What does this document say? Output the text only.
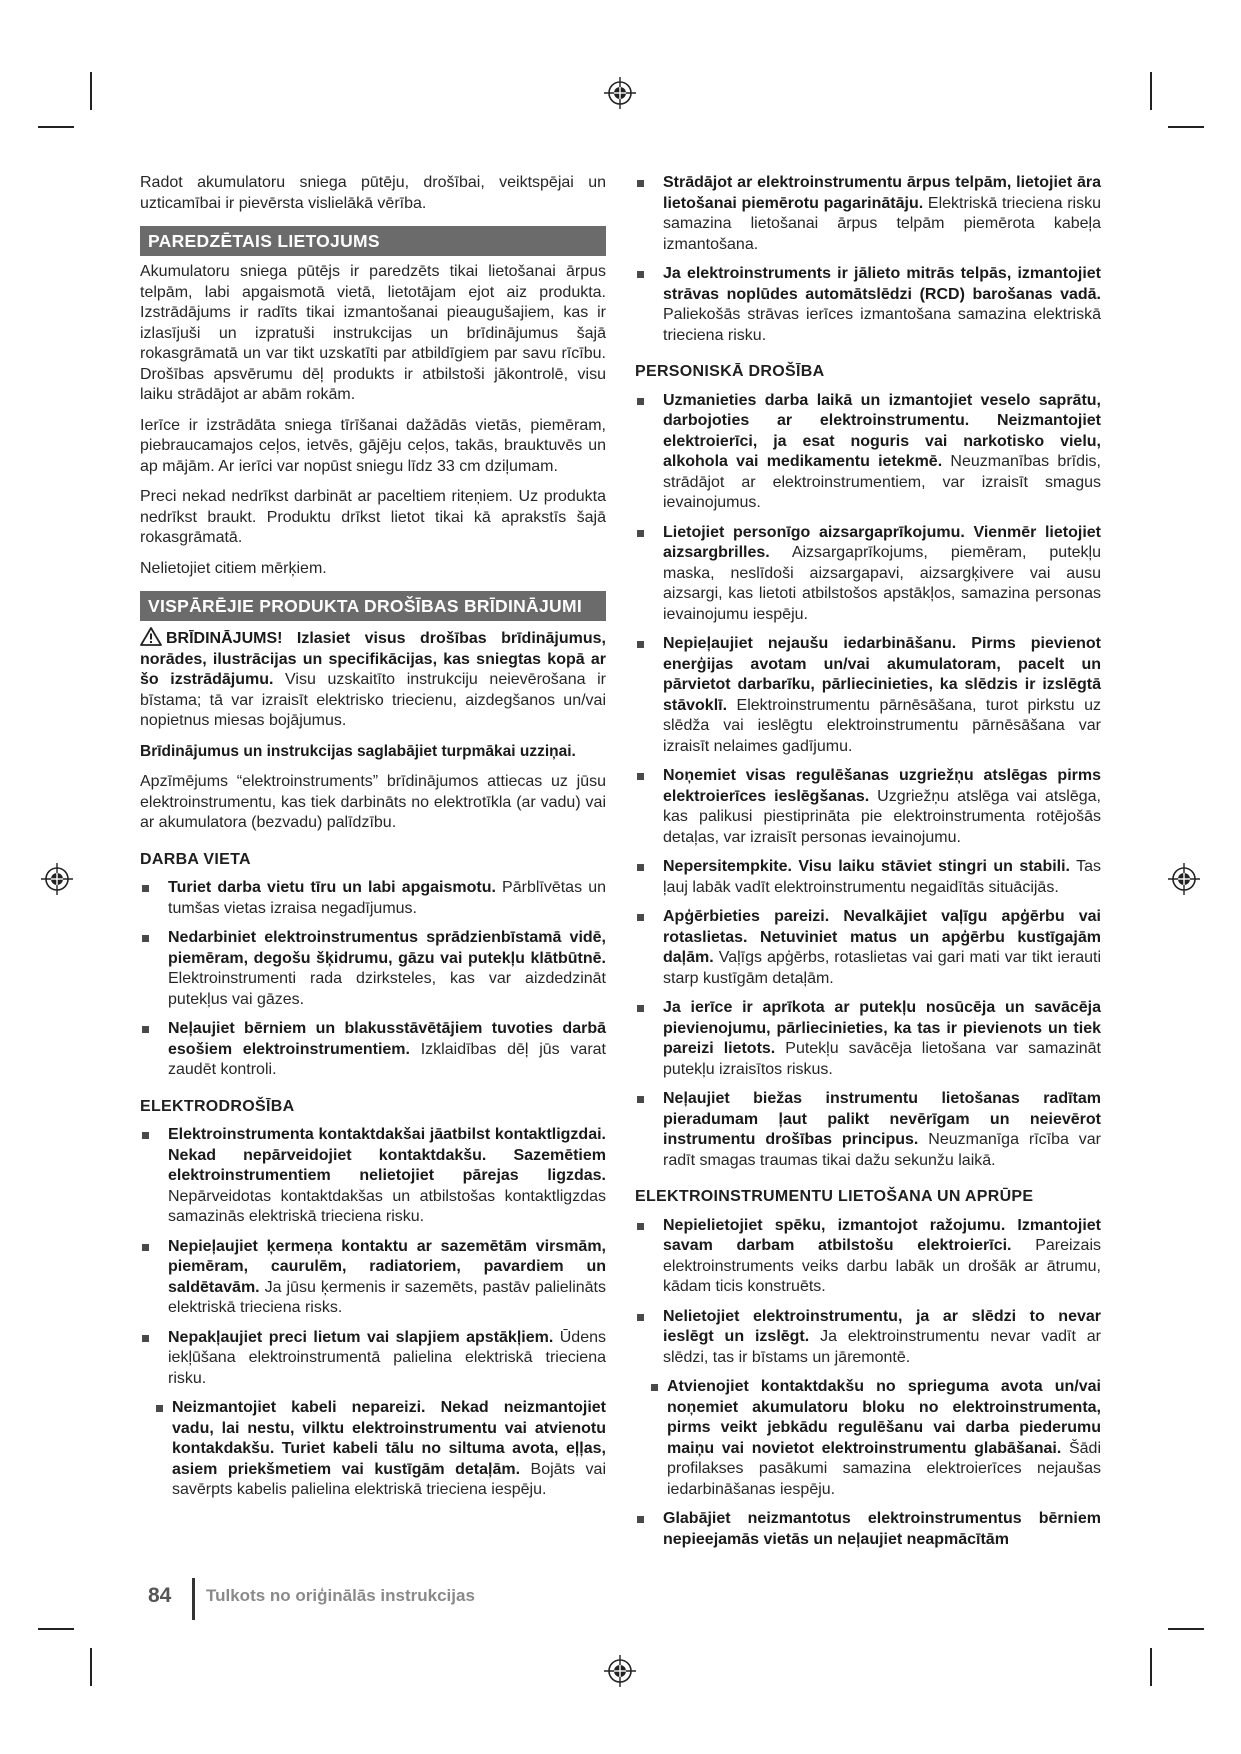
Radot akumulatoru sniega pūtēju, drošībai, veiktspējai un uzticamībai ir pievērsta vislielākā vērība.

PAREDZĒTAIS LIETOJUMS

Akumulatoru sniega pūtējs ir paredzēts tikai lietošanai ārpus telpām, labi apgaismotā vietā, lietotājam ejot aiz produkta. Izstrādājums ir radīts tikai izmantošanai pieaugušajiem, kas ir izlasījuši un izpratuši instrukcijas un brīdinājumus šajā rokasgrāmatā un var tikt uzskatīti par atbildīgiem par savu rīcību. Drošības apsvērumu dēļ produkts ir atbilstoši jākontrolē, visu laiku strādājot ar abām rokām.

Ierīce ir izstrādāta sniega tīrīšanai dažādās vietās, piemēram, piebraucamajos ceļos, ietvēs, gājēju ceļos, takās, brauktuvēs un ap mājām. Ar ierīci var nopūst sniegu līdz 33 cm dziļumam.

Preci nekad nedrīkst darbināt ar paceltiem riteņiem. Uz produkta nedrīkst braukt. Produktu drīkst lietot tikai kā aprakstīs šajā rokasgrāmatā.

Nelietojiet citiem mērķiem.

VISPĀRĒJIE PRODUKTA DROŠĪBAS BRĪDINĀJUMI

BRĪDINĀJUMS! Izlasiet visus drošības brīdinājumus, norādes, ilustrācijas un specifikācijas, kas sniegtas kopā ar šo izstrādājumu. Visu uzskaitīto instrukciju neievērošana ir bīstama; tā var izraisīt elektrisko triecienu, aizdegšanos un/vai nopietnus miesas bojājumus.

Brīdinājumus un instrukcijas saglabājiet turpmākai uzziņai.

Apzīmējums “elektroinstruments” brīdinājumos attiecas uz jūsu elektroinstrumentu, kas tiek darbināts no elektrotīkla (ar vadu) vai ar akumulatora (bezvadu) palīdzību.

DARBA VIETA
Turiet darba vietu tīru un labi apgaismotu. Pārblīvētas un tumšas vietas izraisa negadījumus.
Nedarbiniet elektroinstrumentus sprādzienbīstamā vidē, piemēram, degošu šķidrumu, gāzu vai putekļu klātbūtnē. Elektroinstrumenti rada dzirksteles, kas var aizdedzināt putekļus vai gāzes.
Neļaujiet bērniem un blakusstāvētājiem tuvoties darbā esošiem elektroinstrumentiem. Izklaidības dēļ jūs varat zaudēt kontroli.
ELEKTRODROŠĪBA
Elektroinstrumenta kontaktdakšai jāatbilst kontaktligzdai. Nekad nepārveidojiet kontaktdakšu. Sazemētiem elektroinstrumentiem nelietojiet pārejas ligzdas. Nepārveidotas kontaktdakšas un atbilstošas kontaktligzdas samazinās elektriskā trieciena risku.
Nepieļaujiet ķermeņa kontaktu ar sazemētām virsmām, piemēram, caurulēm, radiatoriem, pavardiem un saldētavām. Ja jūsu ķermenis ir sazemēts, pastāv palielināts elektriskā trieciena risks.
Nepakļaujiet preci lietum vai slapjiem apstākļiem. Ūdens iekļūšana elektroinstrumentā palielina elektriskā trieciena risku.
Neizmantojiet kabeli nepareizi. Nekad neizmantojiet vadu, lai nestu, vilktu elektroinstrumentu vai atvienotu kontakdakšu. Turiet kabeli tālu no siltuma avota, eļļas, asiem priekšmetiem vai kustīgām detaļām. Bojāts vai savērpts kabelis palielina elektriskā trieciena iespēju.
Strādājot ar elektroinstrumentu ārpus telpām, lietojiet āra lietošanai piemērotu pagarinātāju. Elektriskā trieciena risku samazina lietošanai ārpus telpām piemērota kabeļa izmantošana.
Ja elektroinstruments ir jālieto mitrās telpās, izmantojiet strāvas noplūdes automātslēdzi (RCD) barošanas vadā. Paliekošās strāvas ierīces izmantošana samazina elektriskā trieciena risku.
PERSONISKĀ DROŠĪBA
Uzmanieties darba laikā un izmantojiet veselo saprātu, darbojoties ar elektroinstrumentu. Neizmantojiet elektroierīci, ja esat noguris vai narkotisko vielu, alkohola vai medikamentu ietekmē. Neuzmanības brīdis, strādājot ar elektroinstrumentiem, var izraisīt smagus ievainojumus.
Lietojiet personīgo aizsargaprīkojumu. Vienmēr lietojiet aizsargbrilles. Aizsargaprīkojums, piemēram, putekļu maska, neslīdoši aizsargapavi, aizsargķivere vai ausu aizsargi, kas lietoti atbilstošos apstākļos, samazina personas ievainojumu iespēju.
Nepieļaujiet nejaušu iedarbināšanu. Pirms pievienot enerģijas avotam un/vai akumulatoram, pacelt un pārvietot darbarīku, pārliecinieties, ka slēdzis ir izslēgtā stāvoklī. Elektroinstrumentu pārnēsāšana, turot pirkstu uz slēdža vai ieslēgtu elektroinstrumentu pārnēsāšana var izraisīt nelaimes gadījumu.
Noņemiet visas regulēšanas uzgriežņu atslēgas pirms elektroierīces ieslēgšanas. Uzgriežņu atslēga vai atslēga, kas palikusi piestiprināta pie elektroinstrumenta rotējošās detaļas, var izraisīt personas ievainojumu.
Nepersitempkite. Visu laiku stāviet stingri un stabili. Tas ļauj labāk vadīt elektroinstrumentu negaidītās situācijās.
Apģērbieties pareizi. Nevalkājiet vaļīgu apģērbu vai rotaslietas. Netuviniet matus un apģērbu kustīgajām daļām. Vaļīgs apģērbs, rotaslietas vai gari mati var tikt ierauti starp kustīgām detaļām.
Ja ierīce ir aprīkota ar putekļu nosūcēja un savācēja pievienojumu, pārliecinieties, ka tas ir pievienots un tiek pareizi lietots. Putekļu savācēja lietošana var samazināt putekļu izraisītos riskus.
Neļaujiet biežas instrumentu lietošanas radītam pieradumam ļaut palikt nevērīgam un neievērot instrumentu drošības principus. Neuzmanīga rīcība var radīt smagas traumas tikai dažu sekunžu laikā.
ELEKTROINSTRUMENTU LIETOŠANA UN APRŪPE
Nepielietojiet spēku, izmantojot ražojumu. Izmantojiet savam darbam atbilstošu elektroierīci. Pareizais elektroinstruments veiks darbu labāk un drošāk ar ātrumu, kādam ticis konstruēts.
Nelietojiet elektroinstrumentu, ja ar slēdzi to nevar ieslēgt un izslēgt. Ja elektroinstrumentu nevar vadīt ar slēdzi, tas ir bīstams un jāremontē.
Atvienojiet kontaktdakšu no sprieguma avota un/vai noņemiet akumulatoru bloku no elektroinstrumenta, pirms veikt jebkādu regulēšanu vai darba piederumu maiņu vai novietot elektroinstrumentu glabāšanai. Šādi profilakses pasākumi samazina elektroierīces nejaušas iedarbināšanas iespēju.
Glabājiet neizmantotus elektroinstrumentus bērniem nepieejamās vietās un neļaujiet neapmācītām
84 Tulkots no oriģinālās instrukcijas
